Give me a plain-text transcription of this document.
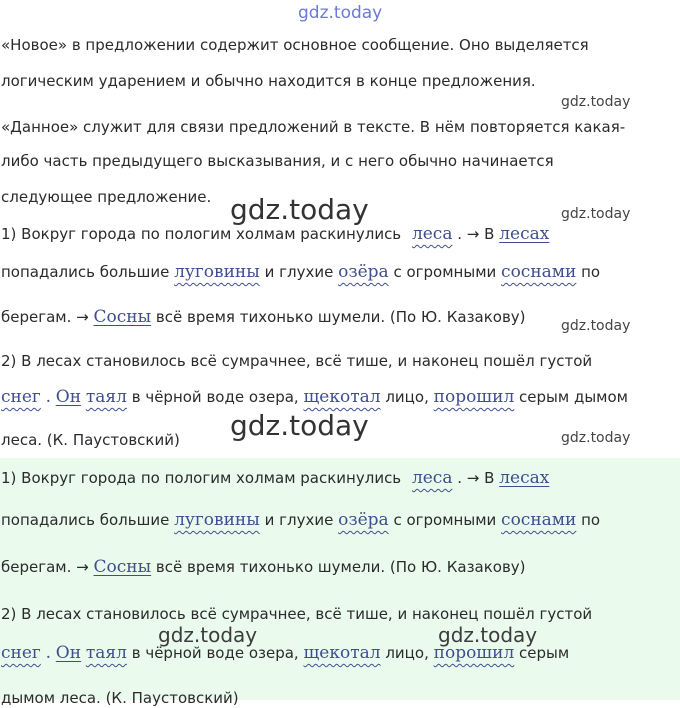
gdz.today
«Новое» в предложении содержит основное сообщение. Оно выделяется
логическим ударением и обычно находится в конце предложения.
gdz.today
«Данное» служит для связи предложений в тексте. В нём повторяется какая-
либо часть предыдущего высказывания, и с него обычно начинается
следующее предложение. gdz.today	gdz.today
1) Вокруг города по пологим холмам раскинулись леса . → В лесах
попадались большие луговины и глухие озёра с огромными соснами по
берегам. → Сосны всё время тихонько шумели. (По Ю. Казакову)	gdz.today
2) В лесах становилось всё сумрачнее, всё тише, и наконец пошёл густой
снег . Он таял в чёрной воде озера, щекотал лицо, порошил серым дымом
леса. (К. Паустовский) gdz.today	gdz.today
1) Вокруг города по пологим холмам раскинулись леса . → В лесах
попадались большие луговины и глухие озёра с огромными соснами по
берегам. → Сосны всё время тихонько шумели. (По Ю. Казакову)
2) В лесах становилось всё сумрачнее, всё тише, и наконец пошёл густой
gdz.today	gdz.today
снег . Он таял в чёрной воде озера, щекотал лицо, порошил серым
дымом леса. (К. Паустовский)
